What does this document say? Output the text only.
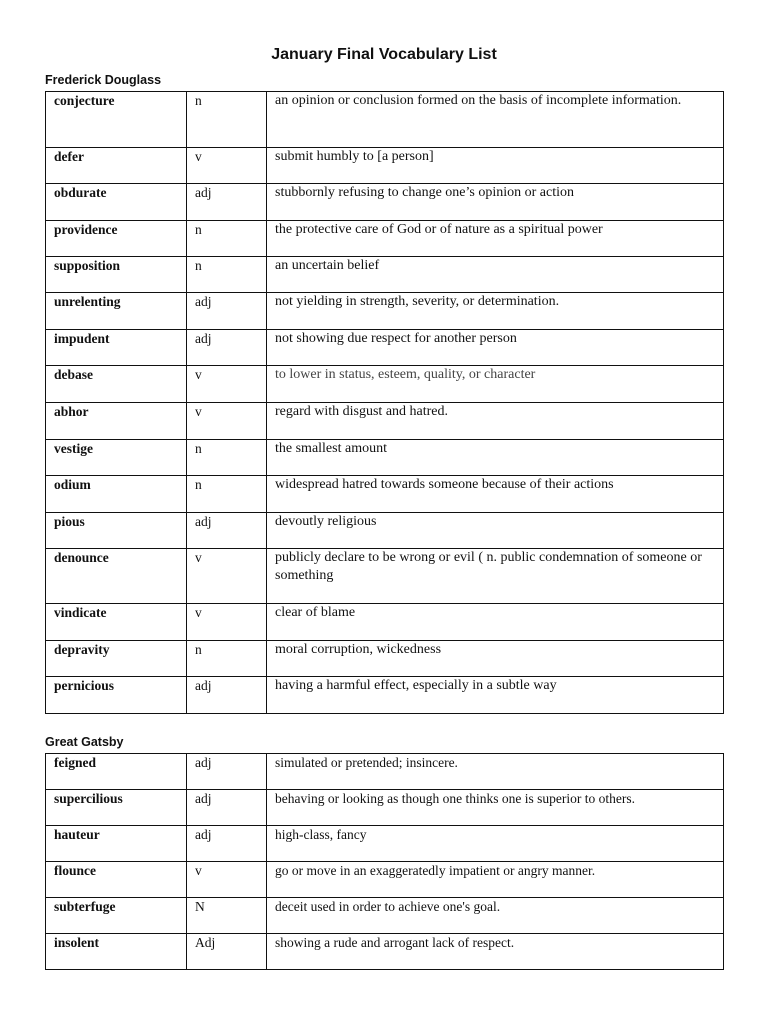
January Final Vocabulary List
Frederick Douglass
conjecture	n	an opinion or conclusion formed on the basis of incomplete information.
defer	v	submit humbly to [a person]
obdurate	adj	stubbornly refusing to change one’s opinion or action
providence	n	the protective care of God or of nature as a spiritual power
supposition	n	an uncertain belief
unrelenting	adj	not yielding in strength, severity, or determination.
impudent	adj	not showing due respect for another person
debase	v	to lower in status, esteem, quality, or character
abhor	v	regard with disgust and hatred.
vestige	n	the smallest amount
odium	n	widespread hatred towards someone because of their actions
pious	adj	devoutly religious
denounce	v	publicly declare to be wrong or evil ( n. public condemnation of someone or something
vindicate	v	clear of blame
depravity	n	moral corruption, wickedness
pernicious	adj	having a harmful effect, especially in a subtle way
Great Gatsby
feigned	adj	simulated or pretended; insincere.
supercilious	adj	behaving or looking as though one thinks one is superior to others.
hauteur	adj	high-class, fancy
flounce	v	go or move in an exaggeratedly impatient or angry manner.
subterfuge	N	deceit used in order to achieve one's goal.
insolent	Adj	showing a rude and arrogant lack of respect.
